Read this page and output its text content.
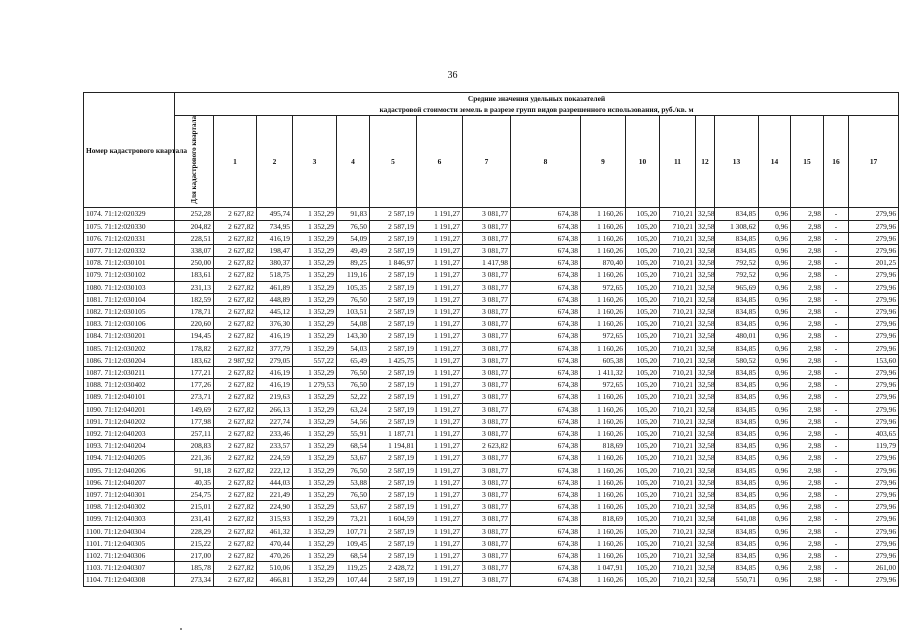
36
Номер кадастрового квартала	Средние значения удельных показателей
кадастровой стоимости земель в разрезе групп видов разрешенного использования, руб./кв. м																	
	Для кадастрового квартала	1	2	3	4	5	6	7	8	9	10	11	12	13	14	15	16	17
1074. 71:12:020329	252,28	2 627,82	495,74	1 352,29	91,83	2 587,19	1 191,27	3 081,77	674,38	1 160,26	105,20	710,21	32,58	834,85	0,96	2,98	-	279,96
1075. 71:12:020330	204,82	2 627,82	734,95	1 352,29	76,50	2 587,19	1 191,27	3 081,77	674,38	1 160,26	105,20	710,21	32,58	1 308,62	0,96	2,98	-	279,96
1076. 71:12:020331	228,51	2 627,82	416,19	1 352,29	54,09	2 587,19	1 191,27	3 081,77	674,38	1 160,26	105,20	710,21	32,58	834,85	0,96	2,98	-	279,96
1077. 71:12:020332	338,07	2 627,82	198,47	1 352,29	49,49	2 587,19	1 191,27	3 081,77	674,38	1 160,26	105,20	710,21	32,58	834,85	0,96	2,98	-	279,96
1078. 71:12:030101	250,00	2 627,82	380,37	1 352,29	89,25	1 846,97	1 191,27	1 417,98	674,38	870,40	105,20	710,21	32,58	792,52	0,96	2,98	-	201,25
1079. 71:12:030102	183,61	2 627,82	518,75	1 352,29	119,16	2 587,19	1 191,27	3 081,77	674,38	1 160,26	105,20	710,21	32,58	792,52	0,96	2,98	-	279,96
1080. 71:12:030103	231,13	2 627,82	461,89	1 352,29	105,35	2 587,19	1 191,27	3 081,77	674,38	972,65	105,20	710,21	32,58	965,69	0,96	2,98	-	279,96
1081. 71:12:030104	182,59	2 627,82	448,89	1 352,29	76,50	2 587,19	1 191,27	3 081,77	674,38	1 160,26	105,20	710,21	32,58	834,85	0,96	2,98	-	279,96
1082. 71:12:030105	178,71	2 627,82	445,12	1 352,29	103,51	2 587,19	1 191,27	3 081,77	674,38	1 160,26	105,20	710,21	32,58	834,85	0,96	2,98	-	279,96
1083. 71:12:030106	220,60	2 627,82	376,30	1 352,29	54,08	2 587,19	1 191,27	3 081,77	674,38	1 160,26	105,20	710,21	32,58	834,85	0,96	2,98	-	279,96
1084. 71:12:030201	194,45	2 627,82	416,19	1 352,29	143,30	2 587,19	1 191,27	3 081,77	674,38	972,65	105,20	710,21	32,58	480,01	0,96	2,98	-	279,96
1085. 71:12:030202	178,82	2 627,82	377,79	1 352,29	54,03	2 587,19	1 191,27	3 081,77	674,38	1 160,26	105,20	710,21	32,58	834,85	0,96	2,98	-	279,96
1086. 71:12:030204	183,62	2 987,92	279,05	557,22	65,49	1 425,75	1 191,27	3 081,77	674,38	605,38	105,20	710,21	32,58	580,52	0,96	2,98	-	153,60
1087. 71:12:030211	177,21	2 627,82	416,19	1 352,29	76,50	2 587,19	1 191,27	3 081,77	674,38	1 411,32	105,20	710,21	32,58	834,85	0,96	2,98	-	279,96
1088. 71:12:030402	177,26	2 627,82	416,19	1 279,53	76,50	2 587,19	1 191,27	3 081,77	674,38	972,65	105,20	710,21	32,58	834,85	0,96	2,98	-	279,96
1089. 71:12:040101	273,71	2 627,82	219,63	1 352,29	52,22	2 587,19	1 191,27	3 081,77	674,38	1 160,26	105,20	710,21	32,58	834,85	0,96	2,98	-	279,96
1090. 71:12:040201	149,69	2 627,82	266,13	1 352,29	63,24	2 587,19	1 191,27	3 081,77	674,38	1 160,26	105,20	710,21	32,58	834,85	0,96	2,98	-	279,96
1091. 71:12:040202	177,98	2 627,82	227,74	1 352,29	54,56	2 587,19	1 191,27	3 081,77	674,38	1 160,26	105,20	710,21	32,58	834,85	0,96	2,98	-	279,96
1092. 71:12:040203	257,11	2 627,82	233,46	1 352,29	55,91	1 187,71	1 191,27	3 081,77	674,38	1 160,26	105,20	710,21	32,58	834,85	0,96	2,98	-	403,65
1093. 71:12:040204	208,83	2 627,82	233,57	1 352,29	68,54	1 194,81	1 191,27	2 623,82	674,38	818,69	105,20	710,21	32,58	834,85	0,96	2,98	-	119,79
1094. 71:12:040205	221,36	2 627,82	224,59	1 352,29	53,67	2 587,19	1 191,27	3 081,77	674,38	1 160,26	105,20	710,21	32,58	834,85	0,96	2,98	-	279,96
1095. 71:12:040206	91,18	2 627,82	222,12	1 352,29	76,50	2 587,19	1 191,27	3 081,77	674,38	1 160,26	105,20	710,21	32,58	834,85	0,96	2,98	-	279,96
1096. 71:12:040207	40,35	2 627,82	444,03	1 352,29	53,88	2 587,19	1 191,27	3 081,77	674,38	1 160,26	105,20	710,21	32,58	834,85	0,96	2,98	-	279,96
1097. 71:12:040301	254,75	2 627,82	221,49	1 352,29	76,50	2 587,19	1 191,27	3 081,77	674,38	1 160,26	105,20	710,21	32,58	834,85	0,96	2,98	-	279,96
1098. 71:12:040302	215,01	2 627,82	224,90	1 352,29	53,67	2 587,19	1 191,27	3 081,77	674,38	1 160,26	105,20	710,21	32,58	834,85	0,96	2,98	-	279,96
1099. 71:12:040303	231,41	2 627,82	315,93	1 352,29	73,21	1 604,59	1 191,27	3 081,77	674,38	818,69	105,20	710,21	32,58	641,08	0,96	2,98	-	279,96
1100. 71:12:040304	228,29	2 627,82	461,32	1 352,29	107,71	2 587,19	1 191,27	3 081,77	674,38	1 160,26	105,20	710,21	32,58	834,85	0,96	2,98	-	279,96
1101. 71:12:040305	215,22	2 627,82	470,44	1 352,29	109,45	2 587,19	1 191,27	3 081,77	674,38	1 160,26	105,20	710,21	32,58	834,85	0,96	2,98	-	279,96
1102. 71:12:040306	217,00	2 627,82	470,26	1 352,29	68,54	2 587,19	1 191,27	3 081,77	674,38	1 160,26	105,20	710,21	32,58	834,85	0,96	2,98	-	279,96
1103. 71:12:040307	185,78	2 627,82	510,06	1 352,29	119,25	2 428,72	1 191,27	3 081,77	674,38	1 047,91	105,20	710,21	32,58	834,85	0,96	2,98	-	261,00
1104. 71:12:040308	273,34	2 627,82	466,81	1 352,29	107,44	2 587,19	1 191,27	3 081,77	674,38	1 160,26	105,20	710,21	32,58	550,71	0,96	2,98	-	279,96
